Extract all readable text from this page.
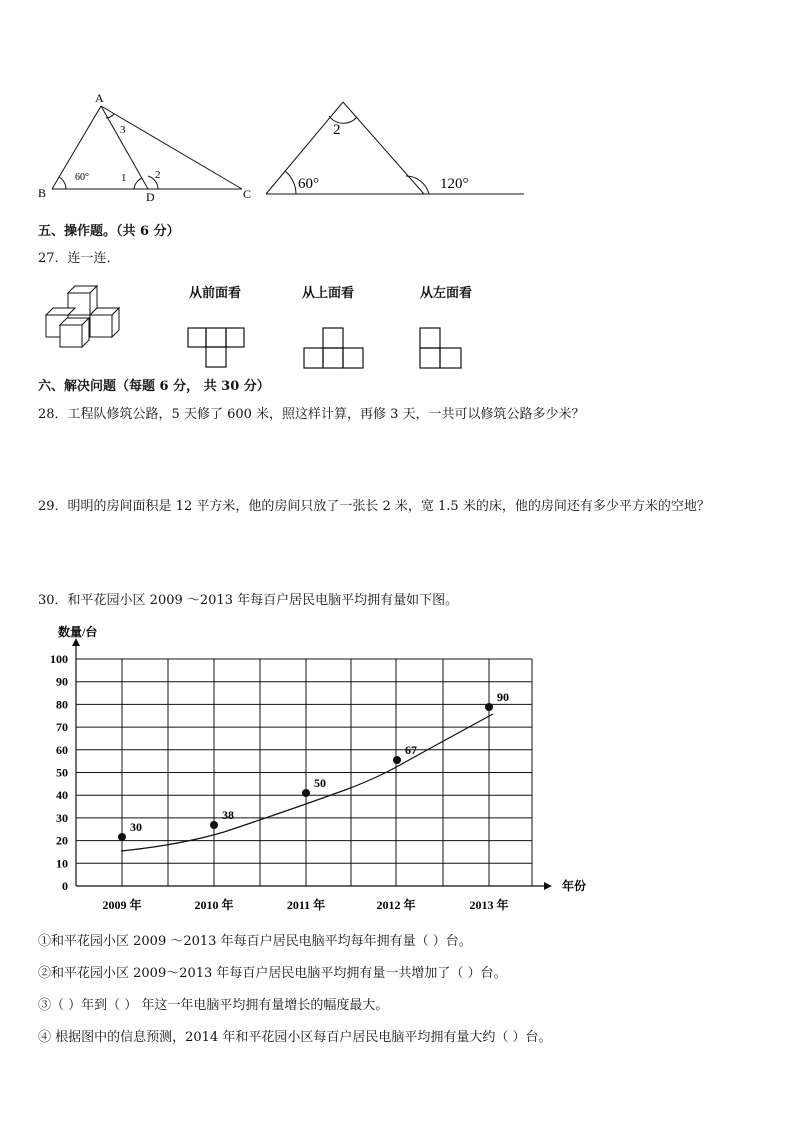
A
B	C
D
60°	1	2
3	2
60°	120°
五、操作题。（共 6 分）
27．连一连．
从前面看	从上面看	从左面看
六、解决问题（每题 6 分， 共 30 分）
28．工程队修筑公路，5 天修了 600 米，照这样计算，再修 3 天，一共可以修筑公路多少米？
29．明明的房间面积是 12 平方米，他的房间只放了一张长 2 米，宽 1.5 米的床，他的房间还有多少平方米的空地？
30．和平花园小区 2009 ～2013 年每百户居民电脑平均拥有量如下图。
数量/台
年份
0
10
20
30
40
50
60
70
80
90
100
2009 年	2010 年	2011 年	2012 年	2013 年
30
38
50
67
90
①和平花园小区 2009 ～2013 年每百户居民电脑平均每年拥有量（ ）台。
②和平花园小区 2009～2013 年每百户居民电脑平均拥有量一共增加了（ ）台。
③（ ）年到（ ） 年这一年电脑平均拥有量增长的幅度最大。
④ 根据图中的信息预测，2014 年和平花园小区每百户居民电脑平均拥有量大约（ ）台。
